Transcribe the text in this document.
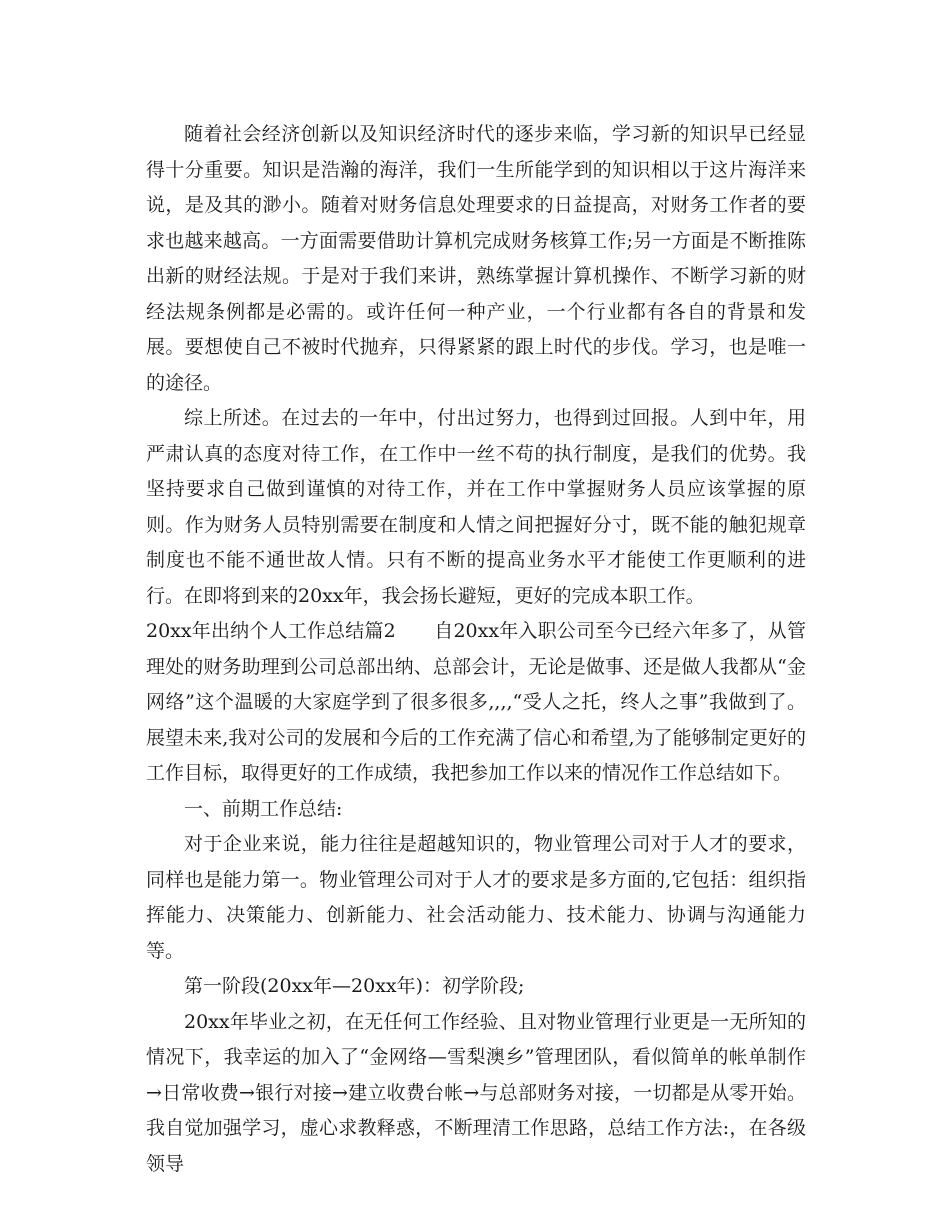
随着社会经济创新以及知识经济时代的逐步来临，学习新的知识早已经显得十分重要。知识是浩瀚的海洋，我们一生所能学到的知识相以于这片海洋来说，是及其的渺小。随着对财务信息处理要求的日益提高，对财务工作者的要求也越来越高。一方面需要借助计算机完成财务核算工作;另一方面是不断推陈出新的财经法规。于是对于我们来讲，熟练掌握计算机操作、不断学习新的财经法规条例都是必需的。或许任何一种产业，一个行业都有各自的背景和发展。要想使自己不被时代抛弃，只得紧紧的跟上时代的步伐。学习，也是唯一的途径。

综上所述。在过去的一年中，付出过努力，也得到过回报。人到中年，用严肃认真的态度对待工作，在工作中一丝不苟的执行制度，是我们的优势。我坚持要求自己做到谨慎的对待工作，并在工作中掌握财务人员应该掌握的原则。作为财务人员特别需要在制度和人情之间把握好分寸，既不能的触犯规章制度也不能不通世故人情。只有不断的提高业务水平才能使工作更顺利的进行。在即将到来的20xx年，我会扬长避短，更好的完成本职工作。

20xx年出纳个人工作总结篇2　　自20xx年入职公司至今已经六年多了，从管理处的财务助理到公司总部出纳、总部会计，无论是做事、还是做人我都从“金网络”这个温暖的大家庭学到了很多很多,,,,“受人之托，终人之事”我做到了。展望未来,我对公司的发展和今后的工作充满了信心和希望,为了能够制定更好的工作目标，取得更好的工作成绩，我把参加工作以来的情况作工作总结如下。

一、前期工作总结:

对于企业来说，能力往往是超越知识的，物业管理公司对于人才的要求，同样也是能力第一。物业管理公司对于人才的要求是多方面的,它包括：组织指挥能力、决策能力、创新能力、社会活动能力、技术能力、协调与沟通能力等。

第一阶段(20xx年—20xx年)：初学阶段;

20xx年毕业之初，在无任何工作经验、且对物业管理行业更是一无所知的情况下，我幸运的加入了“金网络—雪梨澳乡”管理团队，看似简单的帐单制作→日常收费→银行对接→建立收费台帐→与总部财务对接，一切都是从零开始。我自觉加强学习，虚心求教释惑，不断理清工作思路，总结工作方法:，在各级领导
